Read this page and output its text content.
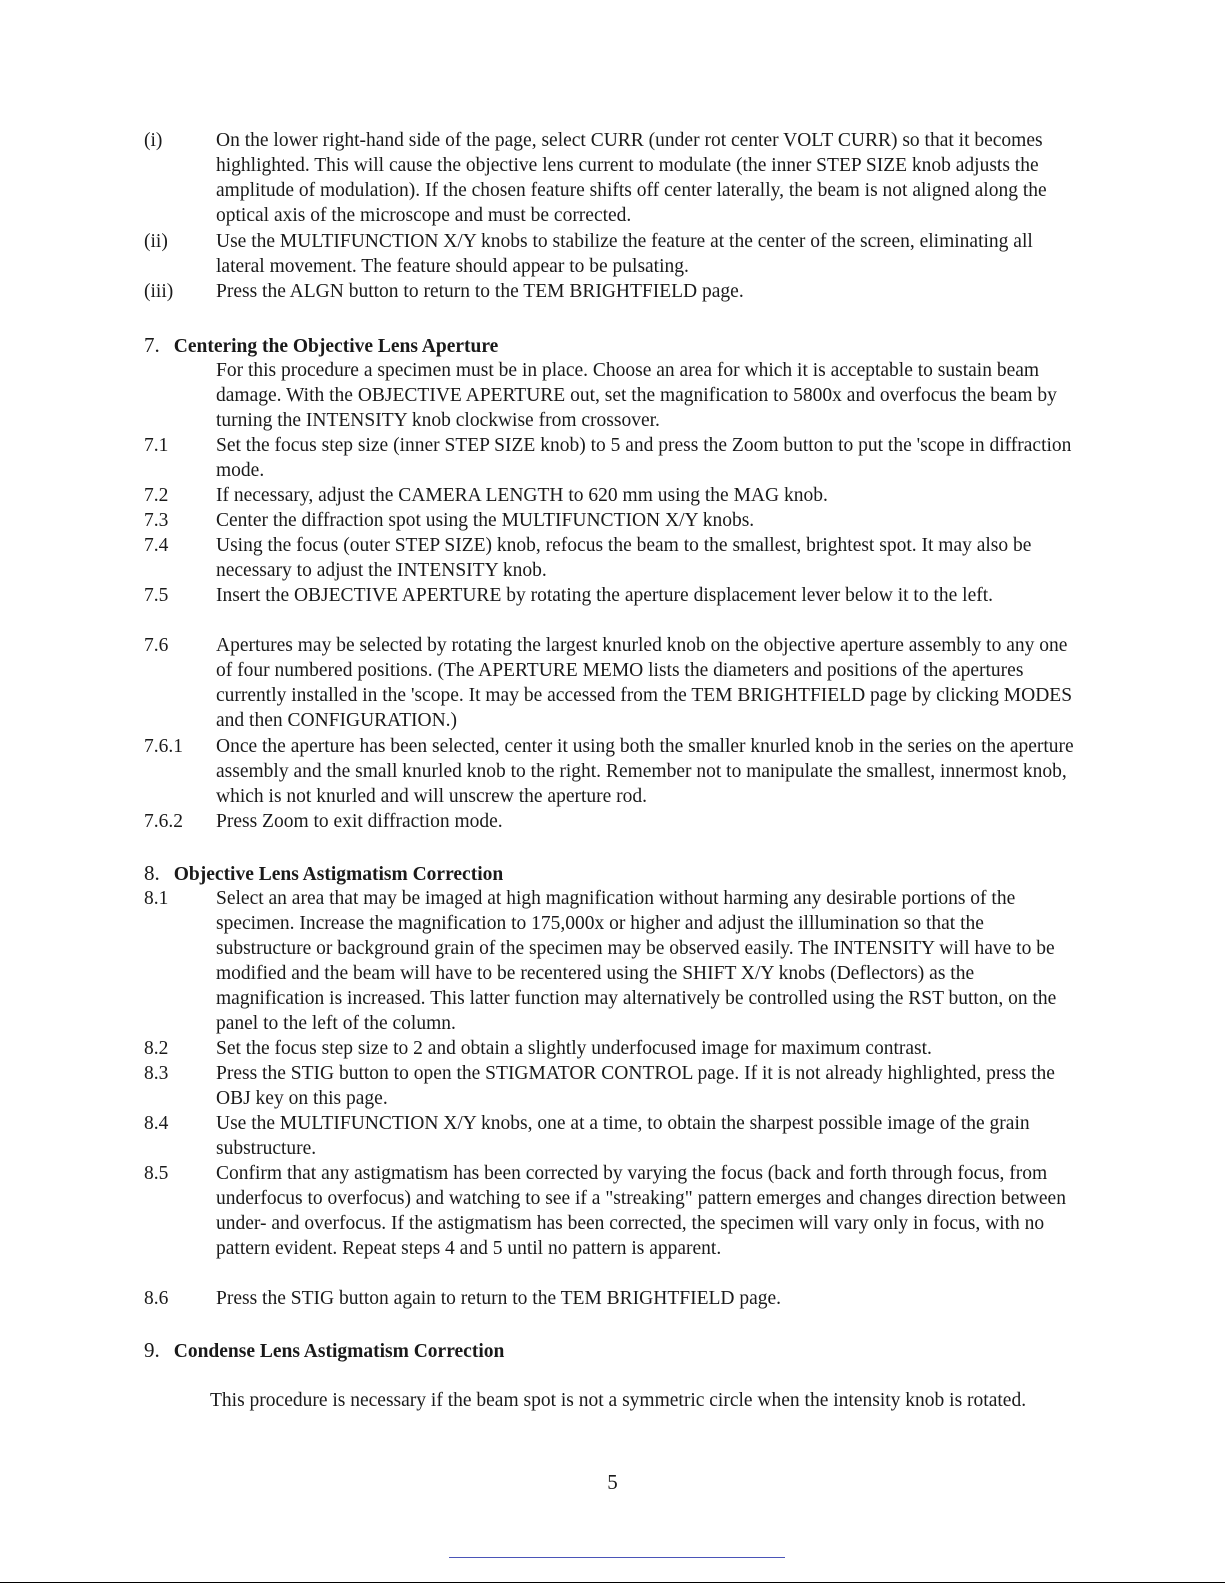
(i)	On the lower right-hand side of the page, select CURR (under rot center VOLT CURR) so that it becomes highlighted. This will cause the objective lens current to modulate (the inner STEP SIZE knob adjusts the amplitude of modulation). If the chosen feature shifts off center laterally, the beam is not aligned along the optical axis of the microscope and must be corrected.
(ii) Use the MULTIFUNCTION X/Y knobs to stabilize the feature at the center of the screen, eliminating all lateral movement. The feature should appear to be pulsating.
(iii) Press the ALGN button to return to the TEM BRIGHTFIELD page.
7. Centering the Objective Lens Aperture
For this procedure a specimen must be in place. Choose an area for which it is acceptable to sustain beam damage. With the OBJECTIVE APERTURE out, set the magnification to 5800x and overfocus the beam by turning the INTENSITY knob clockwise from crossover.
7.1 Set the focus step size (inner STEP SIZE knob) to 5 and press the Zoom button to put the 'scope in diffraction mode.
7.2 If necessary, adjust the CAMERA LENGTH to 620 mm using the MAG knob.
7.3 Center the diffraction spot using the MULTIFUNCTION X/Y knobs.
7.4 Using the focus (outer STEP SIZE) knob, refocus the beam to the smallest, brightest spot. It may also be necessary to adjust the INTENSITY knob.
7.5 Insert the OBJECTIVE APERTURE by rotating the aperture displacement lever below it to the left.
7.6 Apertures may be selected by rotating the largest knurled knob on the objective aperture assembly to any one of four numbered positions. (The APERTURE MEMO lists the diameters and positions of the apertures currently installed in the 'scope. It may be accessed from the TEM BRIGHTFIELD page by clicking MODES and then CONFIGURATION.)
7.6.1 Once the aperture has been selected, center it using both the smaller knurled knob in the series on the aperture assembly and the small knurled knob to the right. Remember not to manipulate the smallest, innermost knob, which is not knurled and will unscrew the aperture rod.
7.6.2 Press Zoom to exit diffraction mode.
8. Objective Lens Astigmatism Correction
8.1 Select an area that may be imaged at high magnification without harming any desirable portions of the specimen. Increase the magnification to 175,000x or higher and adjust the illlumination so that the substructure or background grain of the specimen may be observed easily. The INTENSITY will have to be modified and the beam will have to be recentered using the SHIFT X/Y knobs (Deflectors) as the magnification is increased. This latter function may alternatively be controlled using the RST button, on the panel to the left of the column.
8.2 Set the focus step size to 2 and obtain a slightly underfocused image for maximum contrast.
8.3 Press the STIG button to open the STIGMATOR CONTROL page. If it is not already highlighted, press the OBJ key on this page.
8.4 Use the MULTIFUNCTION X/Y knobs, one at a time, to obtain the sharpest possible image of the grain substructure.
8.5 Confirm that any astigmatism has been corrected by varying the focus (back and forth through focus, from underfocus to overfocus) and watching to see if a "streaking" pattern emerges and changes direction between under- and overfocus. If the astigmatism has been corrected, the specimen will vary only in focus, with no pattern evident. Repeat steps 4 and 5 until no pattern is apparent.
8.6 Press the STIG button again to return to the TEM BRIGHTFIELD page.
9. Condense Lens Astigmatism Correction
This procedure is necessary if the beam spot is not a symmetric circle when the intensity knob is rotated.
5
